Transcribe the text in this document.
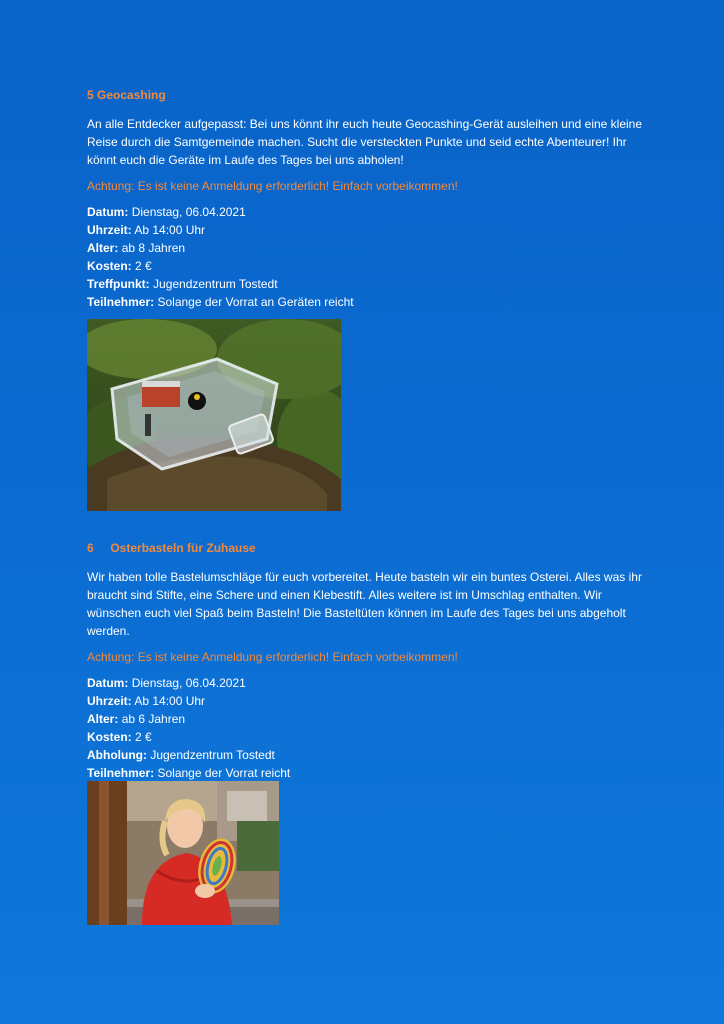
5 Geocashing

An alle Entdecker aufgepasst: Bei uns könnt ihr euch heute Geocashing-Gerät ausleihen und eine kleine Reise durch die Samtgemeinde machen. Sucht die versteckten Punkte und seid echte Abenteurer! Ihr könnt euch die Geräte im Laufe des Tages bei uns abholen!

Achtung: Es ist keine Anmeldung erforderlich! Einfach vorbeikommen!

Datum: Dienstag, 06.04.2021
Uhrzeit: Ab 14:00 Uhr
Alter: ab 8 Jahren
Kosten: 2 €
Treffpunkt: Jugendzentrum Tostedt
Teilnehmer: Solange der Vorrat an Geräten reicht

6 Osterbasteln für Zuhause

Wir haben tolle Bastelumschläge für euch vorbereitet. Heute basteln wir ein buntes Osterei. Alles was ihr braucht sind Stifte, eine Schere und einen Klebestift. Alles weitere ist im Umschlag enthalten. Wir wünschen euch viel Spaß beim Basteln! Die Basteltüten können im Laufe des Tages bei uns abgeholt werden.

Achtung: Es ist keine Anmeldung erforderlich! Einfach vorbeikommen!

Datum: Dienstag, 06.04.2021
Uhrzeit: Ab 14:00 Uhr
Alter: ab 6 Jahren
Kosten: 2 €
Abholung: Jugendzentrum Tostedt
Teilnehmer: Solange der Vorrat reicht
